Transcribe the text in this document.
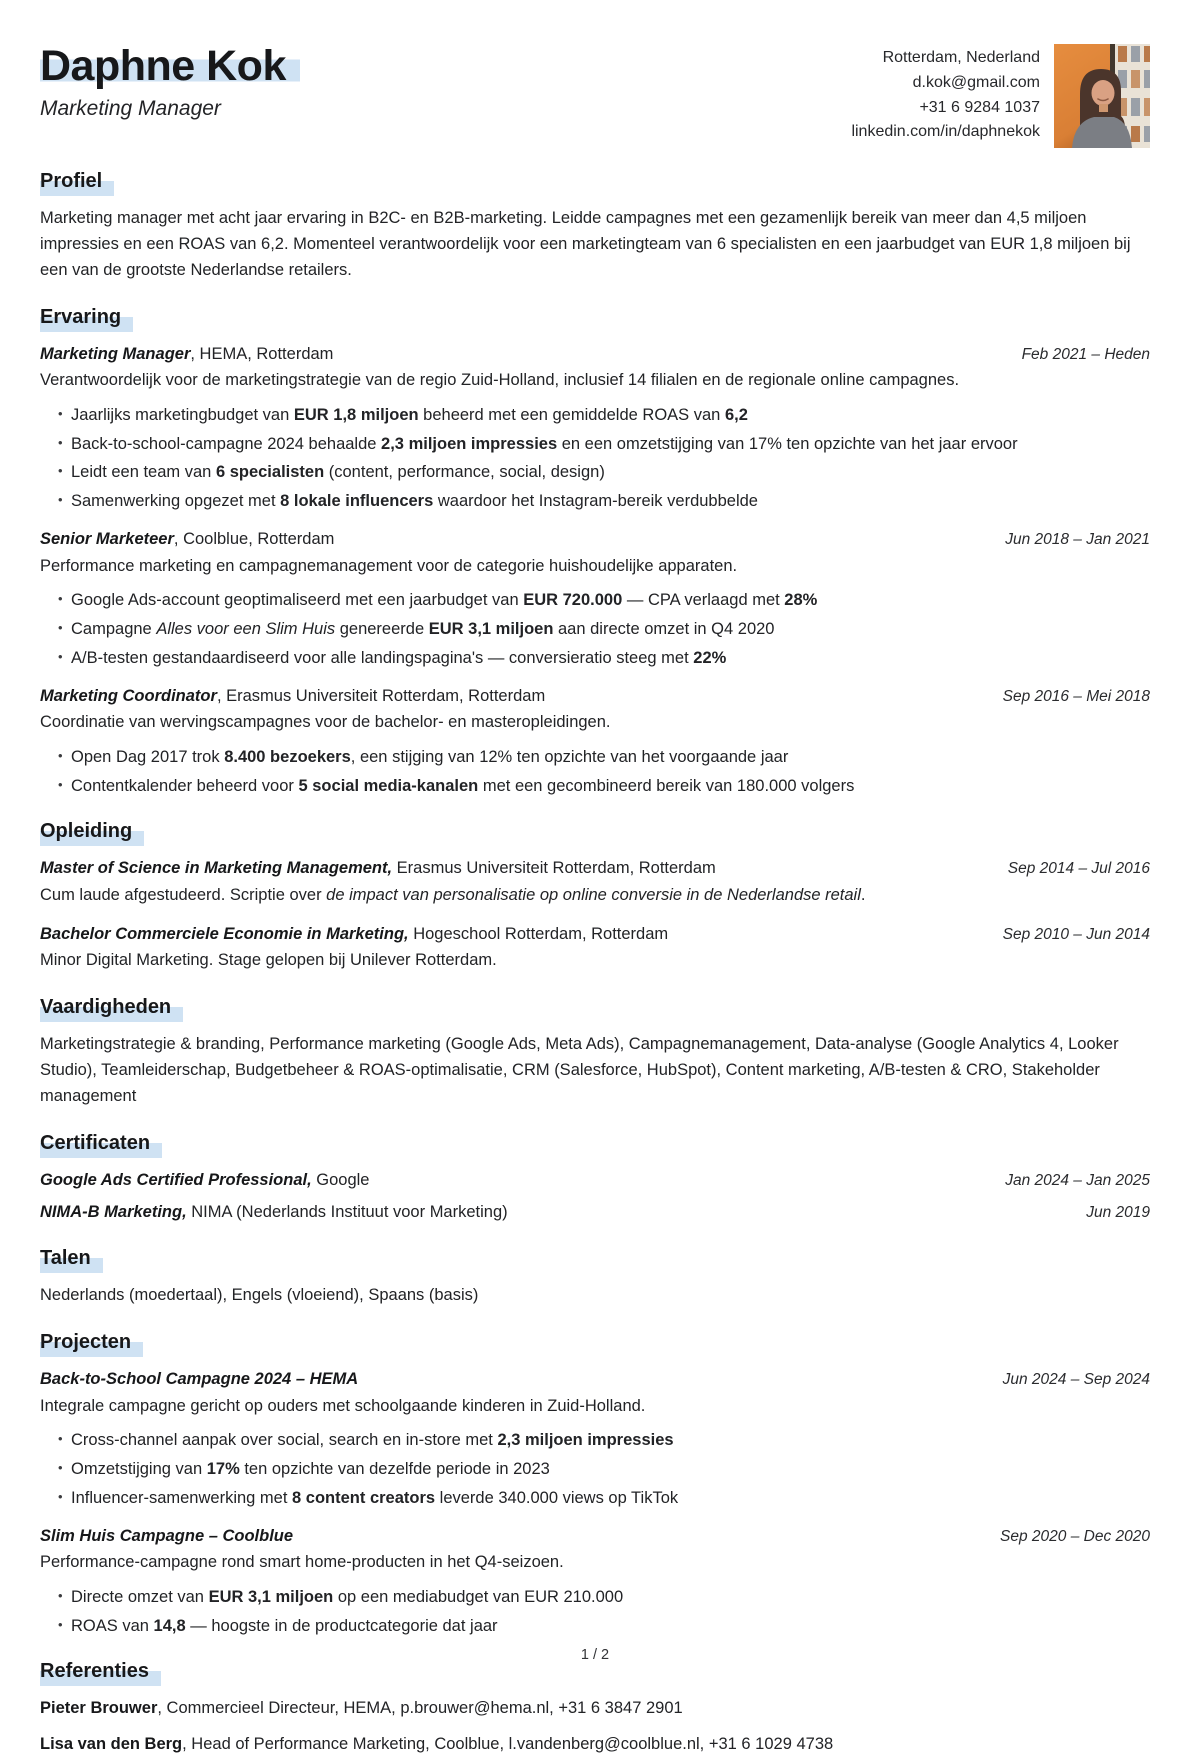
Daphne Kok
Marketing Manager
Rotterdam, Nederland
d.kok@gmail.com
+31 6 9284 1037
linkedin.com/in/daphnekok
Profiel

Marketing manager met acht jaar ervaring in B2C- en B2B-marketing. Leidde campagnes met een gezamenlijk bereik van meer dan 4,5 miljoen impressies en een ROAS van 6,2. Momenteel verantwoordelijk voor een marketingteam van 6 specialisten en een jaarbudget van EUR 1,8 miljoen bij een van de grootste Nederlandse retailers.

Ervaring
Marketing Manager, HEMA, Rotterdam	Feb 2021 – Heden
Verantwoordelijk voor de marketingstrategie van de regio Zuid-Holland, inclusief 14 filialen en de regionale online campagnes.
• Jaarlijks marketingbudget van EUR 1,8 miljoen beheerd met een gemiddelde ROAS van 6,2
• Back-to-school-campagne 2024 behaalde 2,3 miljoen impressies en een omzetstijging van 17% ten opzichte van het jaar ervoor
• Leidt een team van 6 specialisten (content, performance, social, design)
• Samenwerking opgezet met 8 lokale influencers waardoor het Instagram-bereik verdubbelde
Senior Marketeer, Coolblue, Rotterdam	Jun 2018 – Jan 2021
Performance marketing en campagnemanagement voor de categorie huishoudelijke apparaten.
• Google Ads-account geoptimaliseerd met een jaarbudget van EUR 720.000 — CPA verlaagd met 28%
• Campagne Alles voor een Slim Huis genereerde EUR 3,1 miljoen aan directe omzet in Q4 2020
• A/B-testen gestandaardiseerd voor alle landingspagina's — conversieratio steeg met 22%
Marketing Coordinator, Erasmus Universiteit Rotterdam, Rotterdam	Sep 2016 – Mei 2018
Coordinatie van wervingscampagnes voor de bachelor- en masteropleidingen.
• Open Dag 2017 trok 8.400 bezoekers, een stijging van 12% ten opzichte van het voorgaande jaar
• Contentkalender beheerd voor 5 social media-kanalen met een gecombineerd bereik van 180.000 volgers
Opleiding
Master of Science in Marketing Management, Erasmus Universiteit Rotterdam, Rotterdam	Sep 2014 – Jul 2016
Cum laude afgestudeerd. Scriptie over de impact van personalisatie op online conversie in de Nederlandse retail.
Bachelor Commerciele Economie in Marketing, Hogeschool Rotterdam, Rotterdam	Sep 2010 – Jun 2014
Minor Digital Marketing. Stage gelopen bij Unilever Rotterdam.
Vaardigheden

Marketingstrategie & branding, Performance marketing (Google Ads, Meta Ads), Campagnemanagement, Data-analyse (Google Analytics 4, Looker Studio), Teamleiderschap, Budgetbeheer & ROAS-optimalisatie, CRM (Salesforce, HubSpot), Content marketing, A/B-testen & CRO, Stakeholder management

Certificaten
Google Ads Certified Professional, Google	Jan 2024 – Jan 2025
NIMA-B Marketing, NIMA (Nederlands Instituut voor Marketing)	Jun 2019
Talen

Nederlands (moedertaal), Engels (vloeiend), Spaans (basis)

Projecten
Back-to-School Campagne 2024 – HEMA	Jun 2024 – Sep 2024
Integrale campagne gericht op ouders met schoolgaande kinderen in Zuid-Holland.
• Cross-channel aanpak over social, search en in-store met 2,3 miljoen impressies
• Omzetstijging van 17% ten opzichte van dezelfde periode in 2023
• Influencer-samenwerking met 8 content creators leverde 340.000 views op TikTok
Slim Huis Campagne – Coolblue	Sep 2020 – Dec 2020
Performance-campagne rond smart home-producten in het Q4-seizoen.
• Directe omzet van EUR 3,1 miljoen op een mediabudget van EUR 210.000
• ROAS van 14,8 — hoogste in de productcategorie dat jaar
Referenties
Pieter Brouwer, Commercieel Directeur, HEMA, p.brouwer@hema.nl, +31 6 3847 2901
Lisa van den Berg, Head of Performance Marketing, Coolblue, l.vandenberg@coolblue.nl, +31 6 1029 4738
1 / 2
